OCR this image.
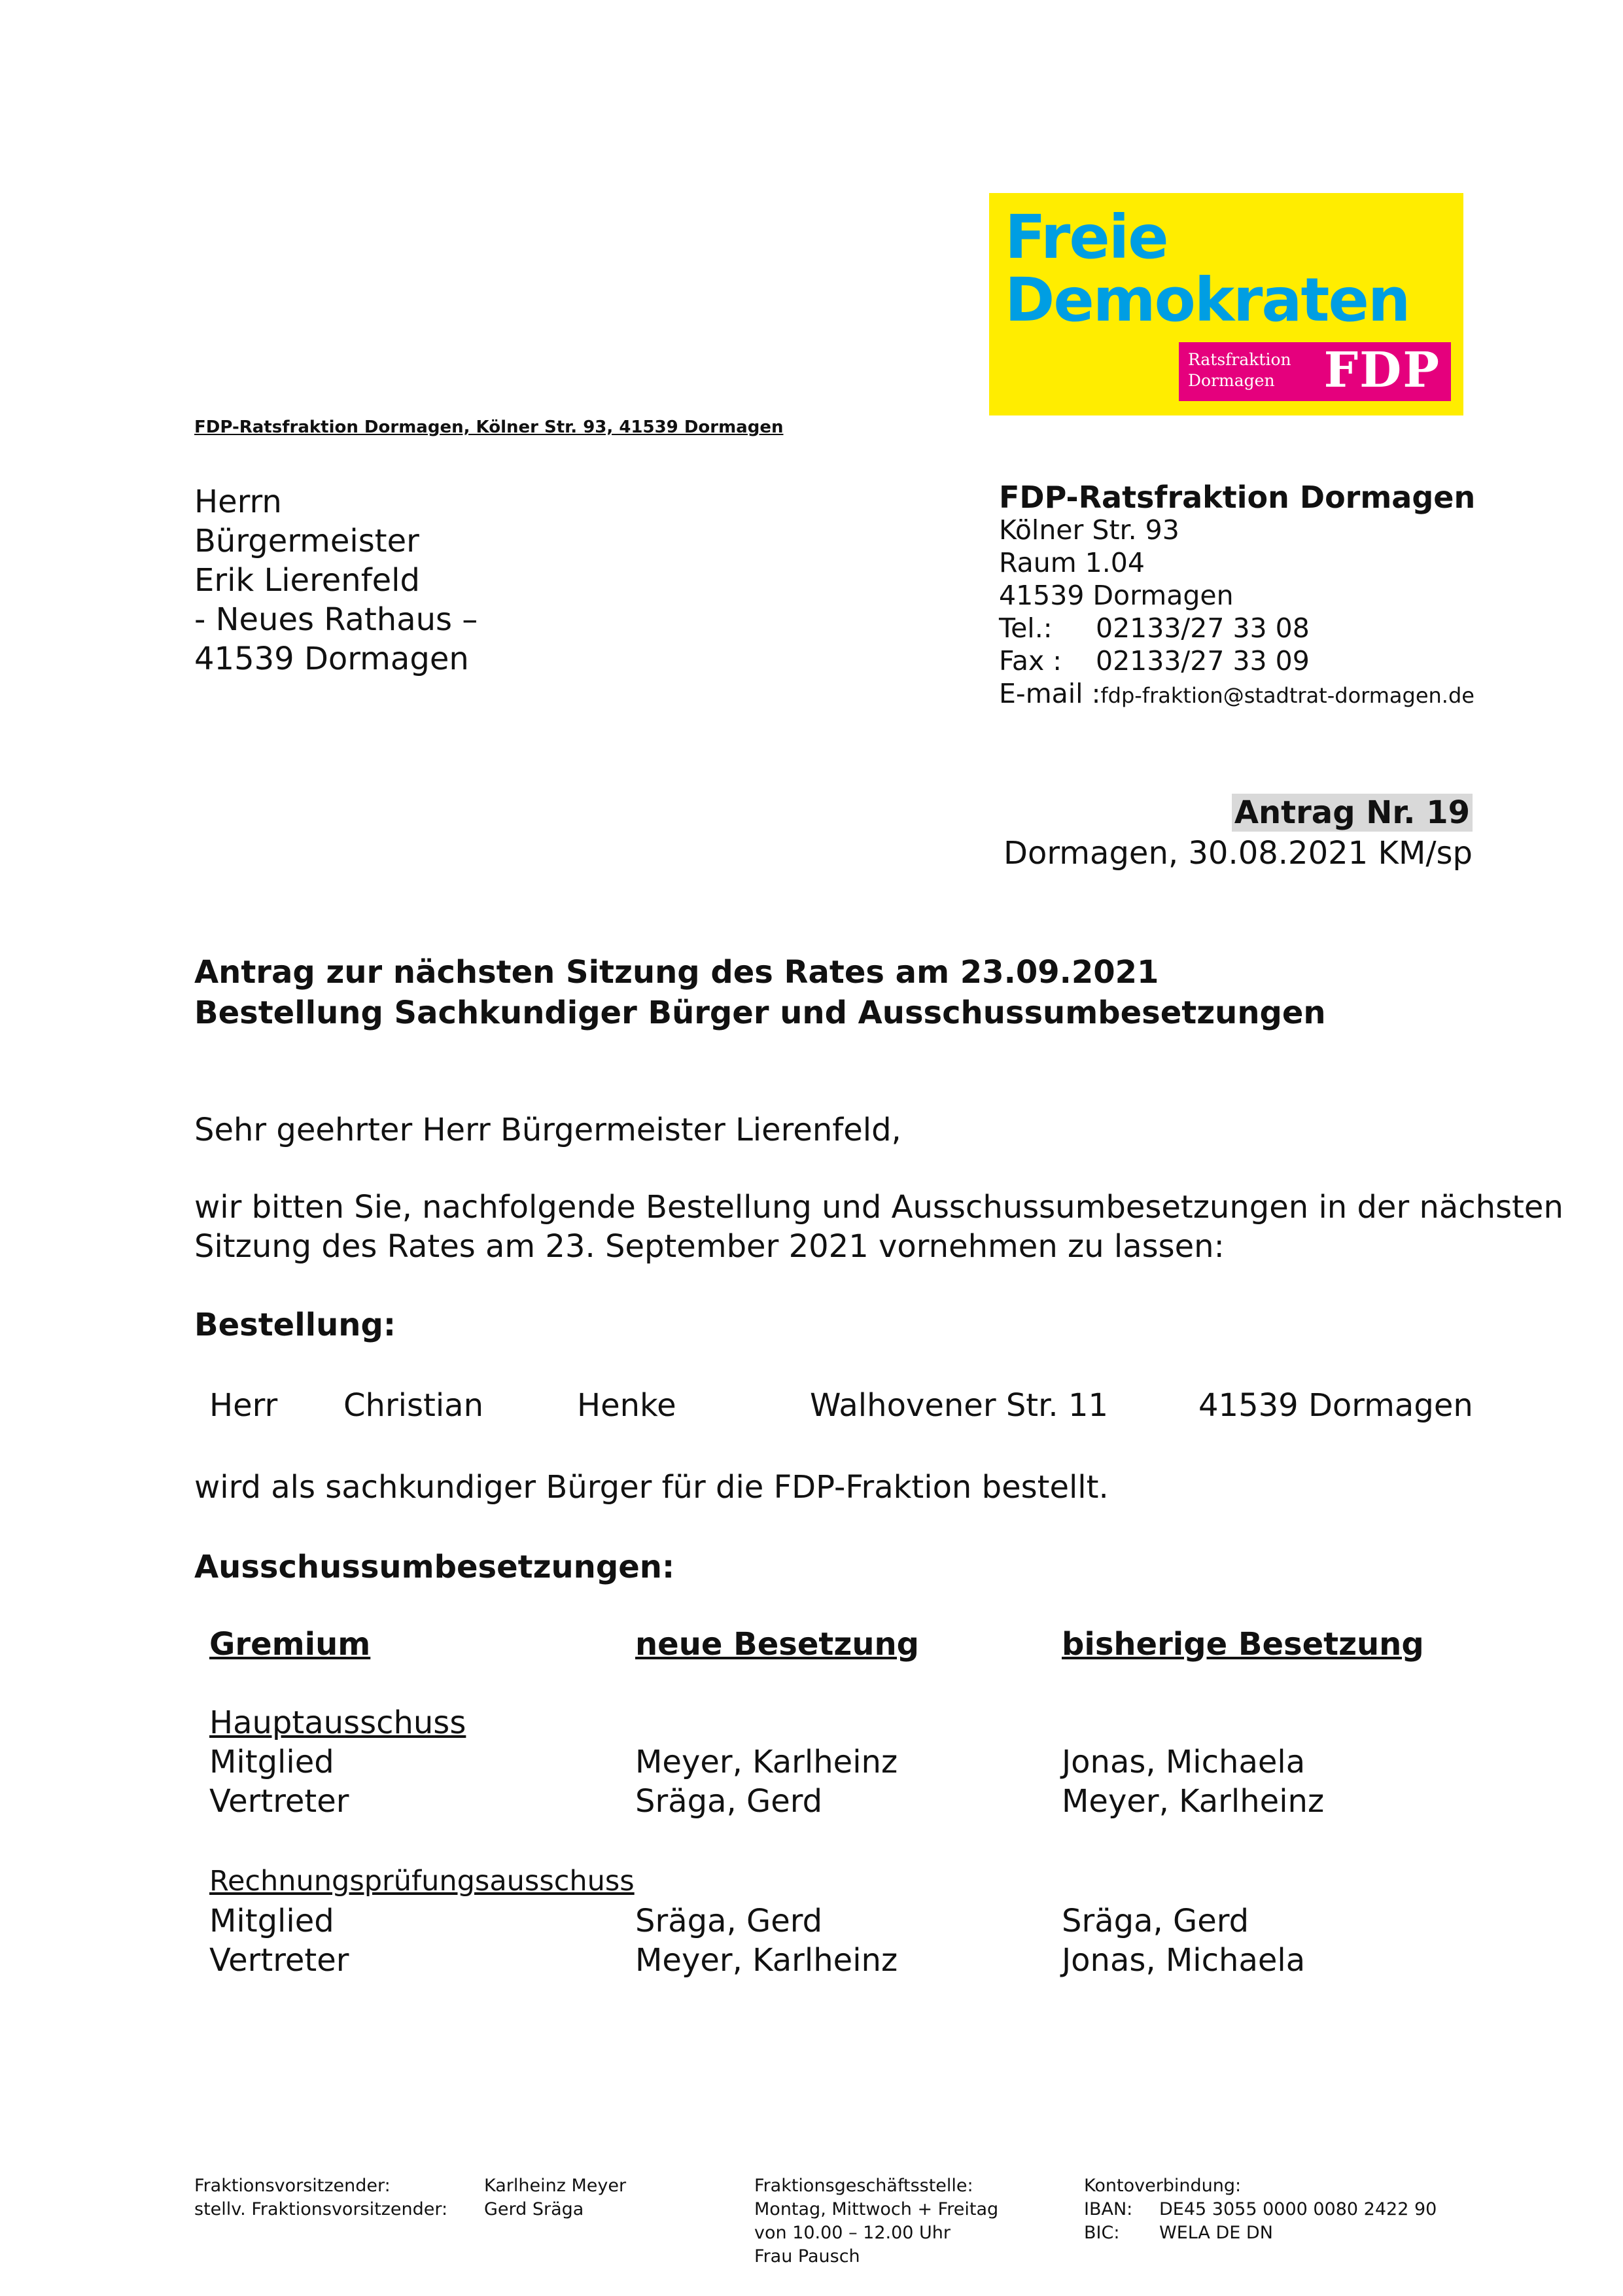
Freie
Demokraten
Ratsfraktion
Dormagen FDP
FDP-Ratsfraktion Dormagen, Kölner Str. 93, 41539 Dormagen
Herrn
Bürgermeister
Erik Lierenfeld
- Neues Rathaus –
41539 Dormagen
FDP-Ratsfraktion Dormagen
Kölner Str. 93
Raum 1.04
41539 Dormagen
Tel.: 02133/27 33 08
Fax : 02133/27 33 09
E-mail :fdp-fraktion@stadtrat-dormagen.de
Antrag Nr. 19
Dormagen, 30.08.2021 KM/sp
Antrag zur nächsten Sitzung des Rates am 23.09.2021
Bestellung Sachkundiger Bürger und Ausschussumbesetzungen
Sehr geehrter Herr Bürgermeister Lierenfeld,
wir bitten Sie, nachfolgende Bestellung und Ausschussumbesetzungen in der nächsten
Sitzung des Rates am 23. September 2021 vornehmen zu lassen:
Bestellung:
Herr Christian	Henke	Walhovener Str. 11	41539 Dormagen
wird als sachkundiger Bürger für die FDP-Fraktion bestellt.
Ausschussumbesetzungen:
Gremium	neue Besetzung	bisherige Besetzung
Hauptausschuss
Mitglied	Meyer, Karlheinz	Jonas, Michaela
Vertreter	Sräga, Gerd	Meyer, Karlheinz
Rechnungsprüfungsausschuss
Mitglied	Sräga, Gerd	Sräga, Gerd
Vertreter	Meyer, Karlheinz	Jonas, Michaela
Fraktionsvorsitzender:
stellv. Fraktionsvorsitzender:
Karlheinz Meyer
Gerd Sräga
Fraktionsgeschäftsstelle:
Montag, Mittwoch + Freitag
von 10.00 – 12.00 Uhr
Frau Pausch
Kontoverbindung:
IBAN: DE45 3055 0000 0080 2422 90
BIC: WELA DE DN
